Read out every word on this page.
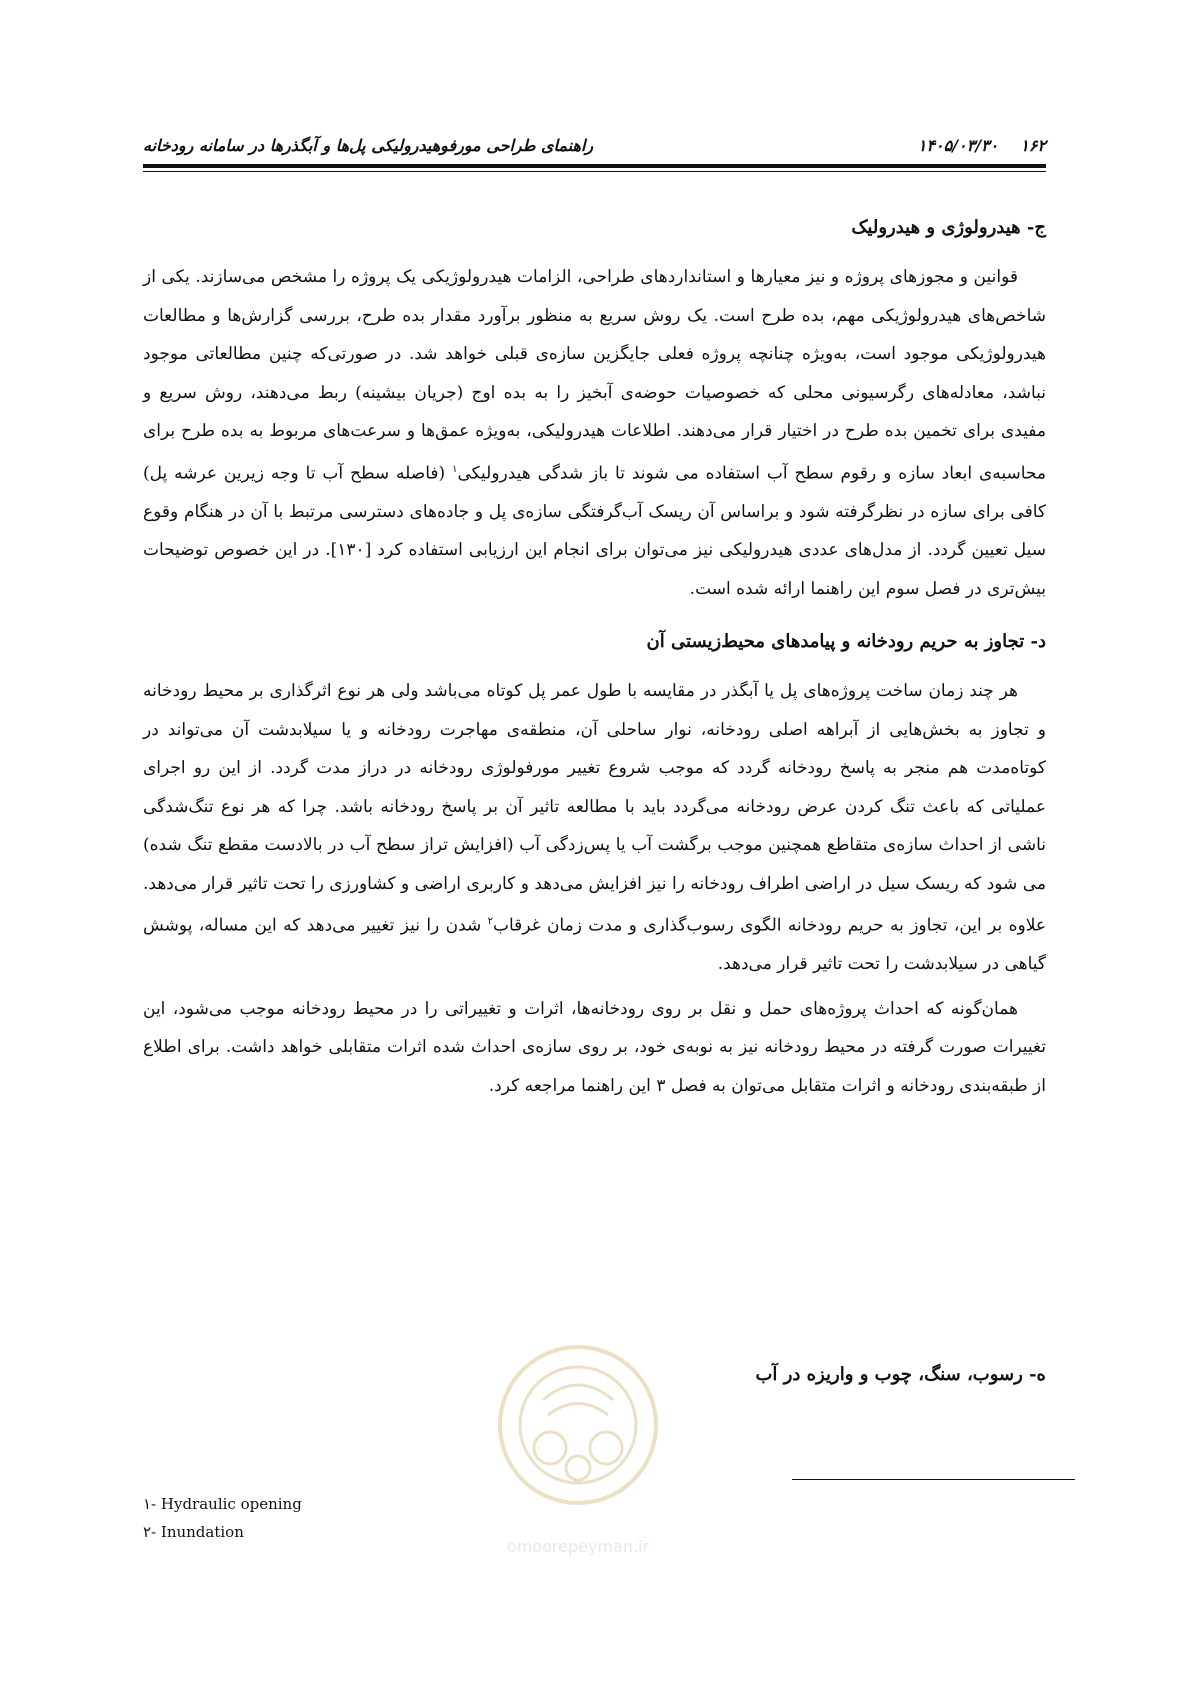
۱۶۲
۱۴۰۵/۰۳/۳۰
راهنمای طراحی مورفوهیدرولیکی پل‌ها و آبگذرها در سامانه رودخانه
ج- هیدرولوژی و هیدرولیک

قوانین و مجوزهای پروژه و نیز معیارها و استانداردهای طراحی، الزامات هیدرولوژیکی یک پروژه را مشخص می‌سازند. یکی از شاخص‌های هیدرولوژیکی مهم، بده طرح است. یک روش سریع به منظور برآورد مقدار بده طرح، بررسی گزارش‌ها و مطالعات هیدرولوژیکی موجود است، به‌ویژه چنانچه پروژه فعلی جایگزین سازه‌ی قبلی خواهد شد. در صورتی‌که چنین مطالعاتی موجود نباشد، معادله‌های رگرسیونی محلی که خصوصیات حوضه‌ی آبخیز را به بده اوج (جریان بیشینه) ربط می‌دهند، روش سریع و مفیدی برای تخمین بده طرح در اختیار قرار می‌دهند. اطلاعات هیدرولیکی، به‌ویژه عمق‌ها و سرعت‌های مربوط به بده طرح برای محاسبه‌ی ابعاد سازه و رقوم سطح آب استفاده می شوند تا باز شدگی هیدرولیکی$^۱$ (فاصله سطح آب تا وجه زیرین عرشه پل) کافی برای سازه در نظرگرفته شود و براساس آن ریسک آب‌گرفتگی سازه‌ی پل و جاده‌های دسترسی مرتبط با آن در هنگام وقوع سیل تعیین گردد. از مدل‌های عددی هیدرولیکی نیز می‌توان برای انجام این ارزیابی استفاده کرد [۱۳۰]. در این خصوص توضیحات بیش‌تری در فصل سوم این راهنما ارائه شده است.

د- تجاوز به حریم رودخانه و پیامدهای محیط‌زیستی آن

هر چند زمان ساخت پروژه‌های پل یا آبگذر در مقایسه با طول عمر پل کوتاه می‌باشد ولی هر نوع اثرگذاری بر محیط رودخانه و تجاوز به بخش‌هایی از آبراهه اصلی رودخانه، نوار ساحلی آن، منطقه‌ی مهاجرت رودخانه و یا سیلابدشت آن می‌تواند در کوتاه‌مدت هم منجر به پاسخ رودخانه گردد که موجب شروع تغییر مورفولوژی رودخانه در دراز مدت گردد. از این رو اجرای عملیاتی که باعث تنگ کردن عرض رودخانه می‌گردد باید با مطالعه تاثیر آن بر پاسخ رودخانه باشد. چرا که هر نوع تنگ‌شدگی ناشی از احداث سازه‌ی متقاطع همچنین موجب برگشت آب یا پس‌زدگی آب (افزایش تراز سطح آب در بالادست مقطع تنگ شده) می شود که ریسک سیل در اراضی اطراف رودخانه را نیز افزایش می‌دهد و کاربری اراضی و کشاورزی را تحت تاثیر قرار می‌دهد. علاوه بر این، تجاوز به حریم رودخانه الگوی رسوب‌گذاری و مدت زمان غرقاب$^۲$ شدن را نیز تغییر می‌دهد که این مساله، پوشش گیاهی در سیلابدشت را تحت تاثیر قرار می‌دهد.

همان‌گونه که احداث پروژه‌های حمل و نقل بر روی رودخانه‌ها، اثرات و تغییراتی را در محیط رودخانه موجب می‌شود، این تغییرات صورت گرفته در محیط رودخانه نیز به نوبه‌ی خود، بر روی سازه‌ی احداث شده اثرات متقابلی خواهد داشت. برای اطلاع از طبقه‌بندی رودخانه و اثرات متقابل می‌توان به فصل ۳ این راهنما مراجعه کرد.

omoorepeyman.ir
ه- رسوب، سنگ، چوب و واریزه در آب
۱- Hydraulic opening
۲- Inundation
